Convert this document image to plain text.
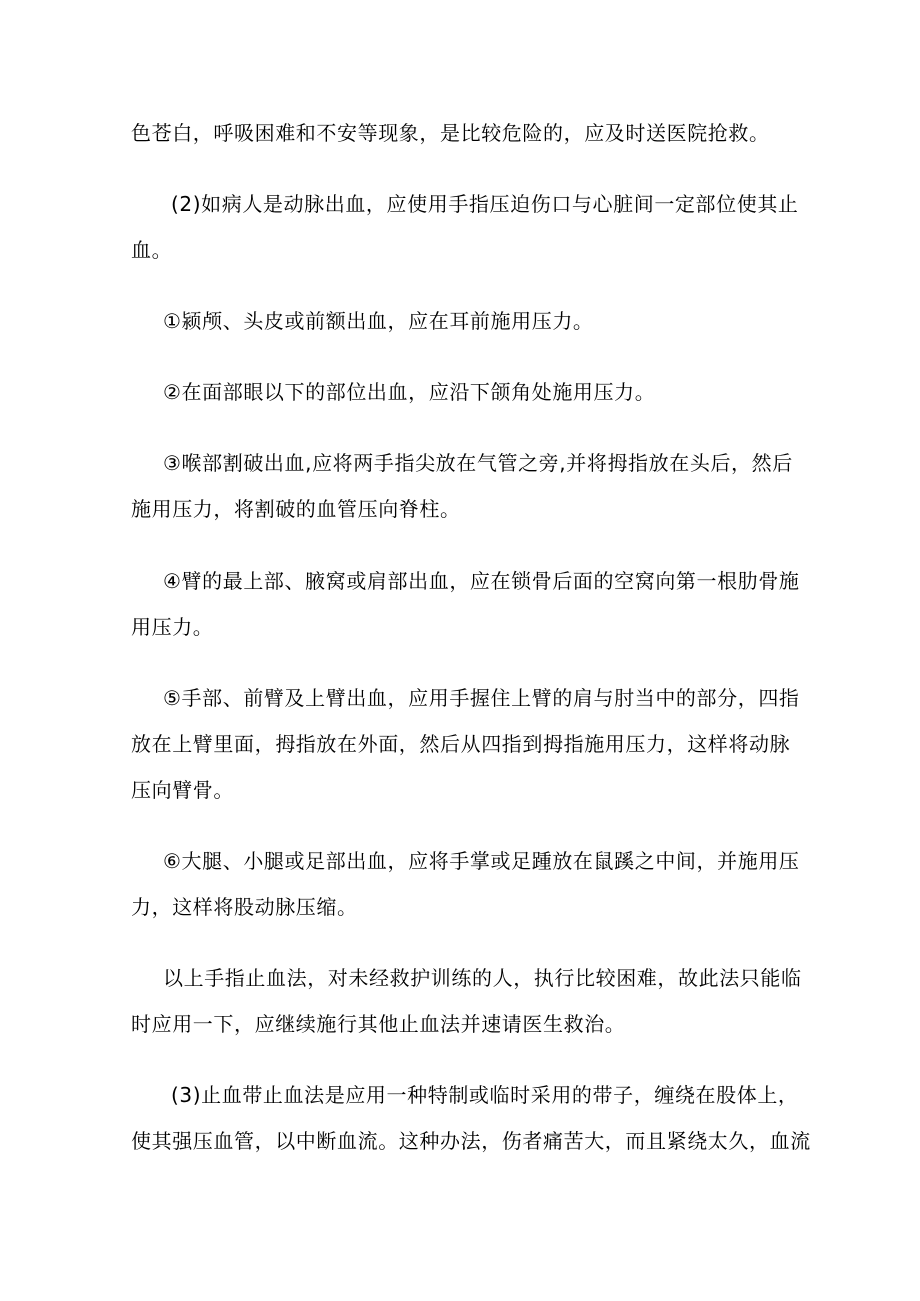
色苍白，呼吸困难和不安等现象，是比较危险的，应及时送医院抢救。
(2)如病人是动脉出血，应使用手指压迫伤口与心脏间一定部位使其止
血。
①颍颅、头皮或前额出血，应在耳前施用压力。
②在面部眼以下的部位出血，应沿下颌角处施用压力。
③喉部割破出血,应将两手指尖放在气管之旁,并将拇指放在头后，然后
施用压力，将割破的血管压向脊柱。
④臂的最上部、腋窝或肩部出血，应在锁骨后面的空窝向第一根肋骨施
用压力。
⑤手部、前臂及上臂出血，应用手握住上臂的肩与肘当中的部分，四指
放在上臂里面，拇指放在外面，然后从四指到拇指施用压力，这样将动脉
压向臂骨。
⑥大腿、小腿或足部出血，应将手掌或足踵放在鼠蹊之中间，并施用压
力，这样将股动脉压缩。
以上手指止血法，对未经救护训练的人，执行比较困难，故此法只能临
时应用一下，应继续施行其他止血法并速请医生救治。
(3)止血带止血法是应用一种特制或临时采用的带子，缠绕在股体上，
使其强压血管，以中断血流。这种办法，伤者痛苦大，而且紧绕太久，血流
